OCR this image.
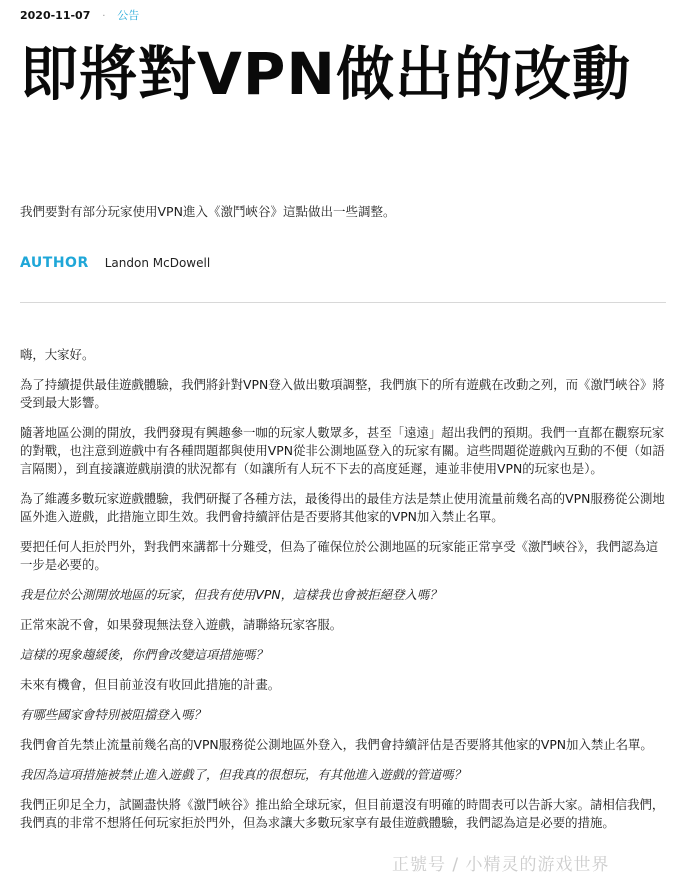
2020-11-07 · 公告
即將對VPN做出的改動
我們要對有部分玩家使用VPN進入《激鬥峽谷》這點做出一些調整。
AUTHOR Landon McDowell

嗨，大家好。

為了持續提供最佳遊戲體驗，我們將針對VPN登入做出數項調整，我們旗下的所有遊戲在改動之列，而《激鬥峽谷》將受到最大影響。

隨著地區公測的開放，我們發現有興趣參一咖的玩家人數眾多，甚至「遠遠」超出我們的預期。我們一直都在觀察玩家的對戰，也注意到遊戲中有各種問題都與使用VPN從非公測地區登入的玩家有關。這些問題從遊戲內互動的不便（如語言隔閡），到直接讓遊戲崩潰的狀況都有（如讓所有人玩不下去的高度延遲，連並非使用VPN的玩家也是）。

為了維護多數玩家遊戲體驗，我們研擬了各種方法，最後得出的最佳方法是禁止使用流量前幾名高的VPN服務從公測地區外進入遊戲，此措施立即生效。我們會持續評估是否要將其他家的VPN加入禁止名單。

要把任何人拒於門外，對我們來講都十分難受，但為了確保位於公測地區的玩家能正常享受《激鬥峽谷》，我們認為這一步是必要的。

我是位於公測開放地區的玩家，但我有使用VPN，這樣我也會被拒絕登入嗎？

正常來說不會，如果發現無法登入遊戲，請聯絡玩家客服。

這樣的現象趨緩後，你們會改變這項措施嗎？

未來有機會，但目前並沒有收回此措施的計畫。

有哪些國家會特別被阻擋登入嗎？

我們會首先禁止流量前幾名高的VPN服務從公測地區外登入，我們會持續評估是否要將其他家的VPN加入禁止名單。

我因為這項措施被禁止進入遊戲了，但我真的很想玩，有其他進入遊戲的管道嗎？

我們正卯足全力，試圖盡快將《激鬥峽谷》推出給全球玩家，但目前還沒有明確的時間表可以告訴大家。請相信我們，我們真的非常不想將任何玩家拒於門外，但為求讓大多數玩家享有最佳遊戲體驗，我們認為這是必要的措施。

正號号 / 小精灵的游戏世界
